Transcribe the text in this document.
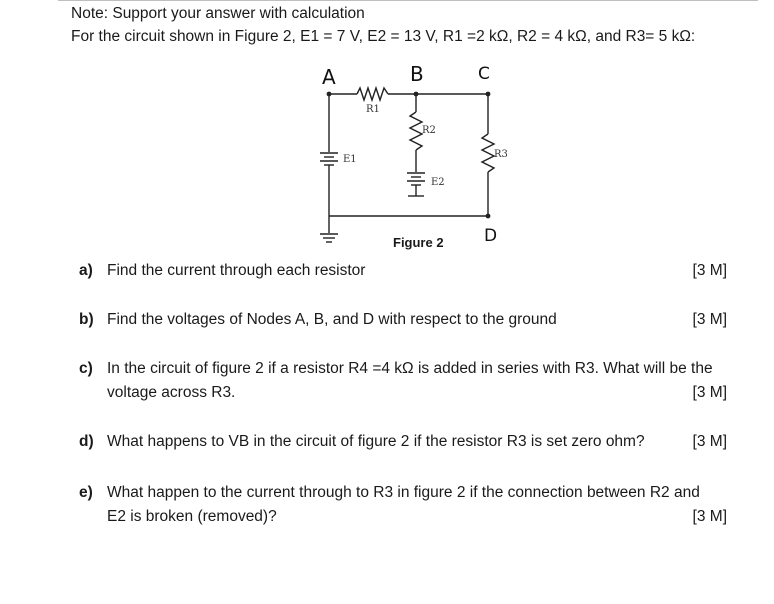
Note: Support your answer with calculation
For the circuit shown in Figure 2, E1 = 7 V, E2 = 13 V, R1 =2 kΩ, R2 = 4 kΩ, and R3= 5 kΩ:
R1
R2
R3
E1
E2
A	B	C
D
Figure 2
a) Find the current through each resistor	[3 M]
b) Find the voltages of Nodes A, B, and D with respect to the ground	[3 M]
c) In the circuit of figure 2 if a resistor R4 =4 kΩ is added in series with R3. What will be the
voltage across R3.	[3 M]
d) What happens to VB in the circuit of figure 2 if the resistor R3 is set zero ohm?	[3 M]
e) What happen to the current through to R3 in figure 2 if the connection between R2 and
E2 is broken (removed)?	[3 M]
